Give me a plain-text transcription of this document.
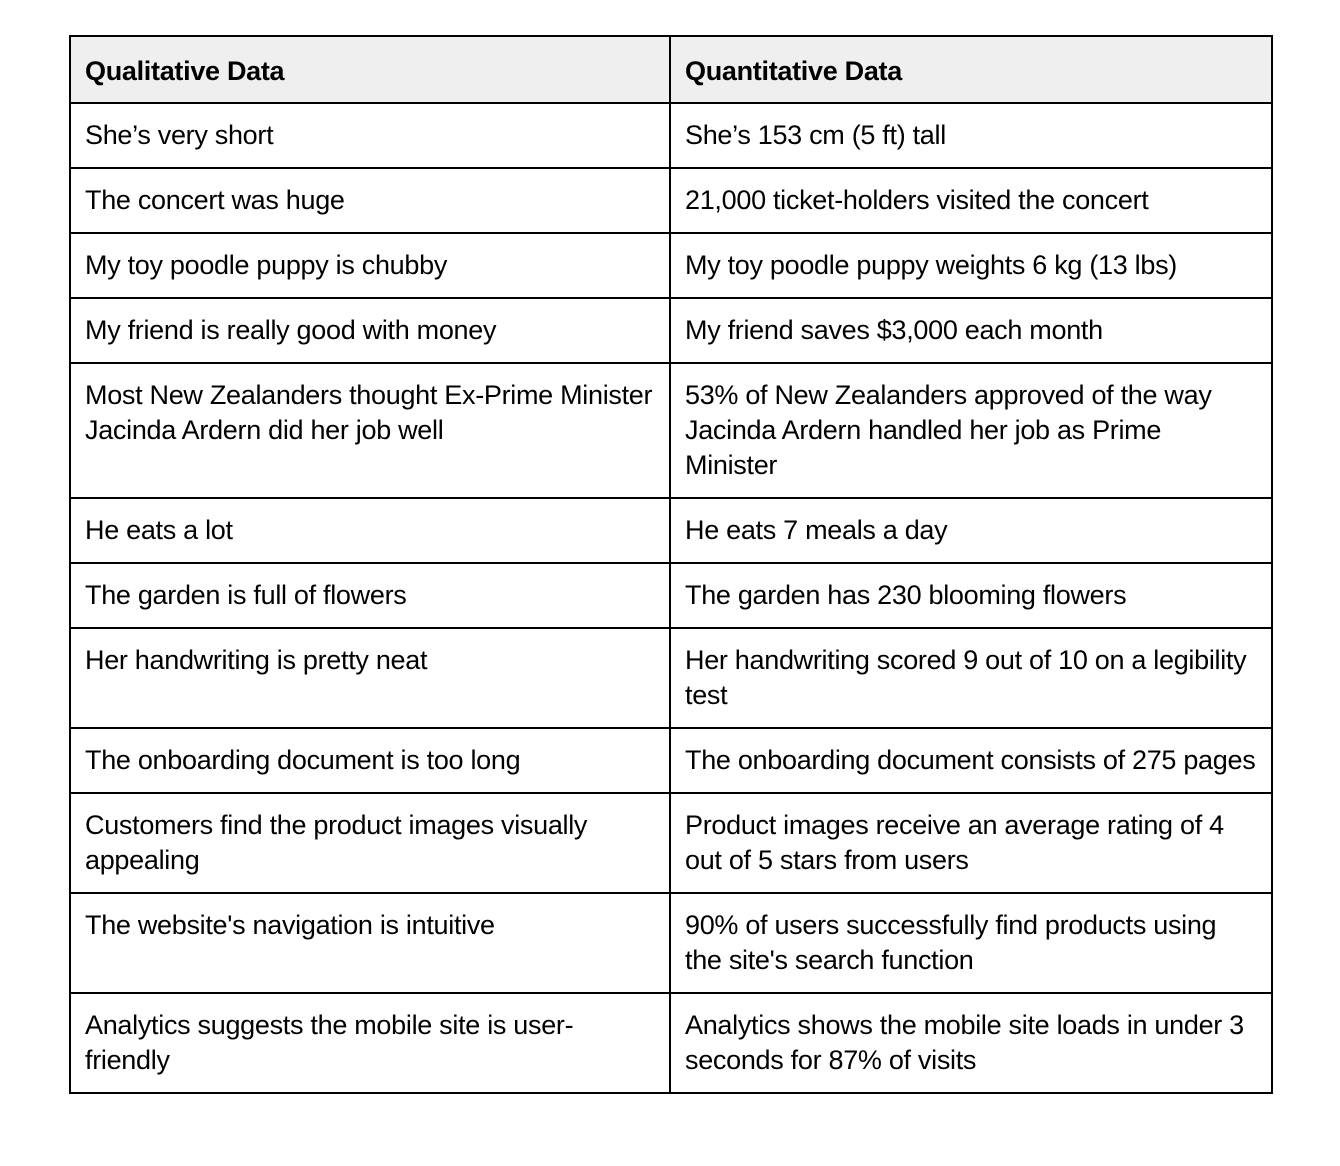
Qualitative Data	Quantitative Data
She’s very short	She’s 153 cm (5 ft) tall
The concert was huge	21,000 ticket-holders visited the concert
My toy poodle puppy is chubby	My toy poodle puppy weights 6 kg (13 lbs)
My friend is really good with money	My friend saves $3,000 each month
Most New Zealanders thought Ex-Prime Minister Jacinda Ardern did her job well	53% of New Zealanders approved of the way Jacinda Ardern handled her job as Prime Minister
He eats a lot	He eats 7 meals a day
The garden is full of flowers	The garden has 230 blooming flowers
Her handwriting is pretty neat	Her handwriting scored 9 out of 10 on a legibility test
The onboarding document is too long	The onboarding document consists of 275 pages
Customers find the product images visually appealing	Product images receive an average rating of 4 out of 5 stars from users
The website's navigation is intuitive	90% of users successfully find products using the site's search function
Analytics suggests the mobile site is user-friendly	Analytics shows the mobile site loads in under 3 seconds for 87% of visits
